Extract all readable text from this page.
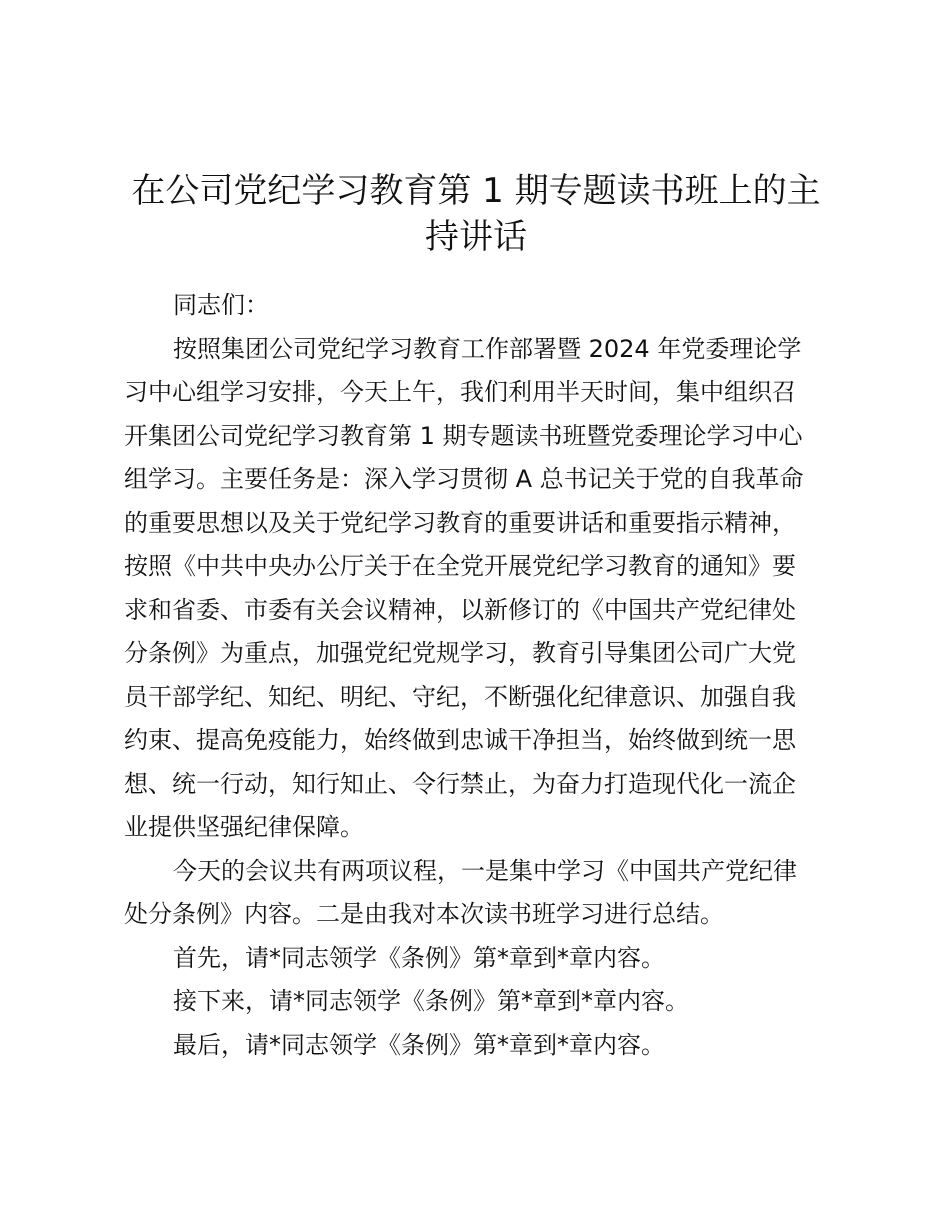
在公司党纪学习教育第 1 期专题读书班上的主
持讲话
同志们：
按照集团公司党纪学习教育工作部署暨 2024 年党委理论学
习中心组学习安排，今天上午，我们利用半天时间，集中组织召
开集团公司党纪学习教育第 1 期专题读书班暨党委理论学习中心
组学习。主要任务是：深入学习贯彻 A 总书记关于党的自我革命
的重要思想以及关于党纪学习教育的重要讲话和重要指示精神，
按照《中共中央办公厅关于在全党开展党纪学习教育的通知》要
求和省委、市委有关会议精神，以新修订的《中国共产党纪律处
分条例》为重点，加强党纪党规学习，教育引导集团公司广大党
员干部学纪、知纪、明纪、守纪，不断强化纪律意识、加强自我
约束、提高免疫能力，始终做到忠诚干净担当，始终做到统一思
想、统一行动，知行知止、令行禁止，为奋力打造现代化一流企
业提供坚强纪律保障。
今天的会议共有两项议程，一是集中学习《中国共产党纪律
处分条例》内容。二是由我对本次读书班学习进行总结。
首先，请*同志领学《条例》第*章到*章内容。
接下来，请*同志领学《条例》第*章到*章内容。
最后，请*同志领学《条例》第*章到*章内容。
